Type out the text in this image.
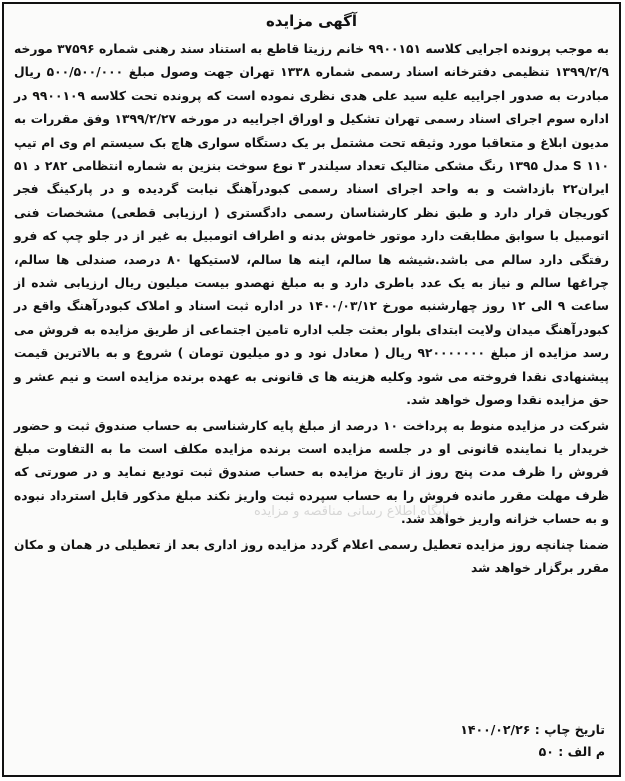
آگهی مزایده

به موجب پرونده اجرایی کلاسه ۹۹۰۰۱۵۱ خانم رزیتا قاطع به استناد سند رهنی شماره ۳۷۵۹۶ مورخه ۱۳۹۹/۲/۹ تنظیمی دفترخانه اسناد رسمی شماره ۱۳۳۸ تهران جهت وصول مبلغ ۵۰۰/۵۰۰/۰۰۰ ریال مبادرت به صدور اجراییه علیه سید علی هدی نظری نموده است که پرونده تحت کلاسه ۹۹۰۰۱۰۹ در اداره سوم اجرای اسناد رسمی تهران تشکیل و اوراق اجراییه در مورخه ۱۳۹۹/۲/۲۷ وفق مقررات به مدیون ابلاغ و متعاقبا مورد وثیقه تحت مشتمل بر یک دستگاه سواری هاچ بک سیستم ام وی ام تیپ ۱۱۰ S مدل ۱۳۹۵ رنگ مشکی متالیک تعداد سیلندر ۳ نوع سوخت بنزین به شماره انتظامی ۲۸۲ د ۵۱ ایران۲۲ بازداشت و به واحد اجرای اسناد رسمی کبودرآهنگ نیابت گردیده و در پارکینگ فجر کوریجان قرار دارد و طبق نظر کارشناسان رسمی دادگستری ( ارزیابی قطعی) مشخصات فنی اتومبیل با سوابق مطابقت دارد موتور خاموش بدنه و اطراف اتومبیل به غیر از در جلو چپ که فرو رفتگی دارد سالم می باشد.شیشه ها سالم، اینه ها سالم، لاستیکها ۸۰ درصد، صندلی ها سالم، چراغها سالم و نیاز به یک عدد باطری دارد و به مبلغ نهصدو بیست میلیون ریال ارزیابی شده از ساعت ۹ الی ۱۲ روز چهارشنبه مورخ ۱۴۰۰/۰۳/۱۲ در اداره ثبت اسناد و املاک کبودرآهنگ واقع در کبودرآهنگ میدان ولایت ابتدای بلوار بعثت جلب اداره تامین اجتماعی از طریق مزایده به فروش می رسد مزایده از مبلغ ۹۲۰۰۰۰۰۰۰ ریال ( معادل نود و دو میلیون تومان ) شروع و به بالاترین قیمت پیشنهادی نقدا فروخته می شود وکلیه هزینه ها ی قانونی به عهده برنده مزایده است و نیم عشر و حق مزایده نقدا وصول خواهد شد.

شرکت در مزایده منوط به پرداخت ۱۰ درصد از مبلغ پایه کارشناسی به حساب صندوق ثبت و حضور خریدار یا نماینده قانونی او در جلسه مزایده است برنده مزایده مکلف است ما به التفاوت مبلغ فروش را ظرف مدت پنج روز از تاریخ مزایده به حساب صندوق ثبت تودیع نماید و در صورتی که ظرف مهلت مقرر مانده فروش را به حساب سپرده ثبت واریز نکند مبلغ مذکور قابل استرداد نبوده و به حساب خزانه واریز خواهد شد.

ضمنا چنانچه روز مزایده تعطیل رسمی اعلام گردد مزایده روز اداری بعد از تعطیلی در همان و مکان مقرر برگزار خواهد شد

پایگاه اطلاع رسانی مناقصه و مزایده
تاریخ چاپ : ۱۴۰۰/۰۲/۲۶
م الف : ۵۰
